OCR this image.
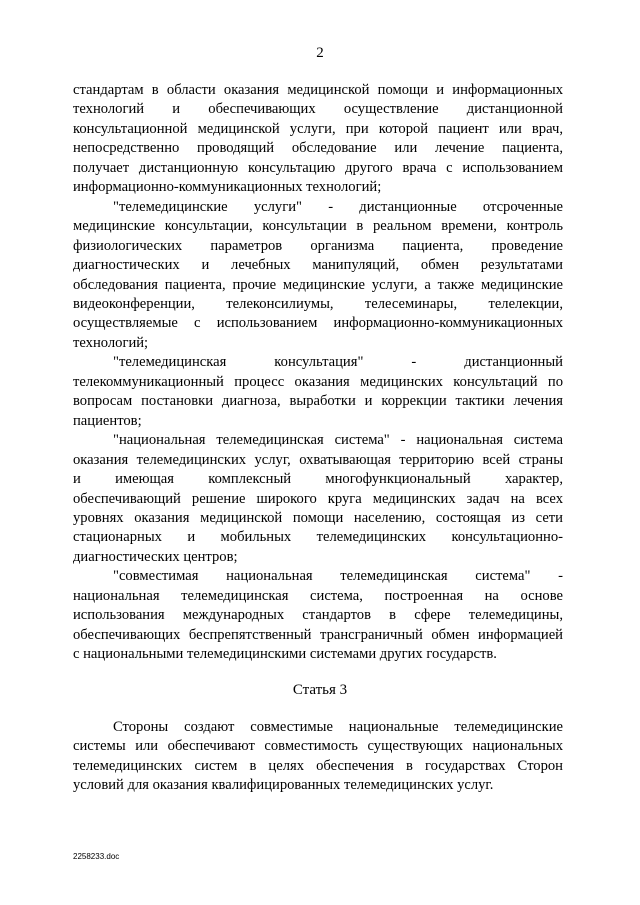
2
стандартам в области оказания медицинской помощи и информационных
технологий и обеспечивающих осуществление дистанционной
консультационной медицинской услуги, при которой пациент или врач,
непосредственно проводящий обследование или лечение пациента,
получает дистанционную консультацию другого врача с использованием
информационно-коммуникационных технологий;
"телемедицинские услуги" - дистанционные отсроченные
медицинские консультации, консультации в реальном времени, контроль
физиологических параметров организма пациента, проведение
диагностических и лечебных манипуляций, обмен результатами
обследования пациента, прочие медицинские услуги, а также медицинские
видеоконференции, телеконсилиумы, телесеминары, телелекции,
осуществляемые с использованием информационно-коммуникационных
технологий;
"телемедицинская консультация" - дистанционный
телекоммуникационный процесс оказания медицинских консультаций по
вопросам постановки диагноза, выработки и коррекции тактики лечения
пациентов;
"национальная телемедицинская система" - национальная система
оказания телемедицинских услуг, охватывающая территорию всей страны
и имеющая комплексный многофункциональный характер,
обеспечивающий решение широкого круга медицинских задач на всех
уровнях оказания медицинской помощи населению, состоящая из сети
стационарных и мобильных телемедицинских консультационно-
диагностических центров;
"совместимая национальная телемедицинская система" -
национальная телемедицинская система, построенная на основе
использования международных стандартов в сфере телемедицины,
обеспечивающих беспрепятственный трансграничный обмен информацией
с национальными телемедицинскими системами других государств.
Статья 3
Стороны создают совместимые национальные телемедицинские
системы или обеспечивают совместимость существующих национальных
телемедицинских систем в целях обеспечения в государствах Сторон
условий для оказания квалифицированных телемедицинских услуг.
2258233.doc
